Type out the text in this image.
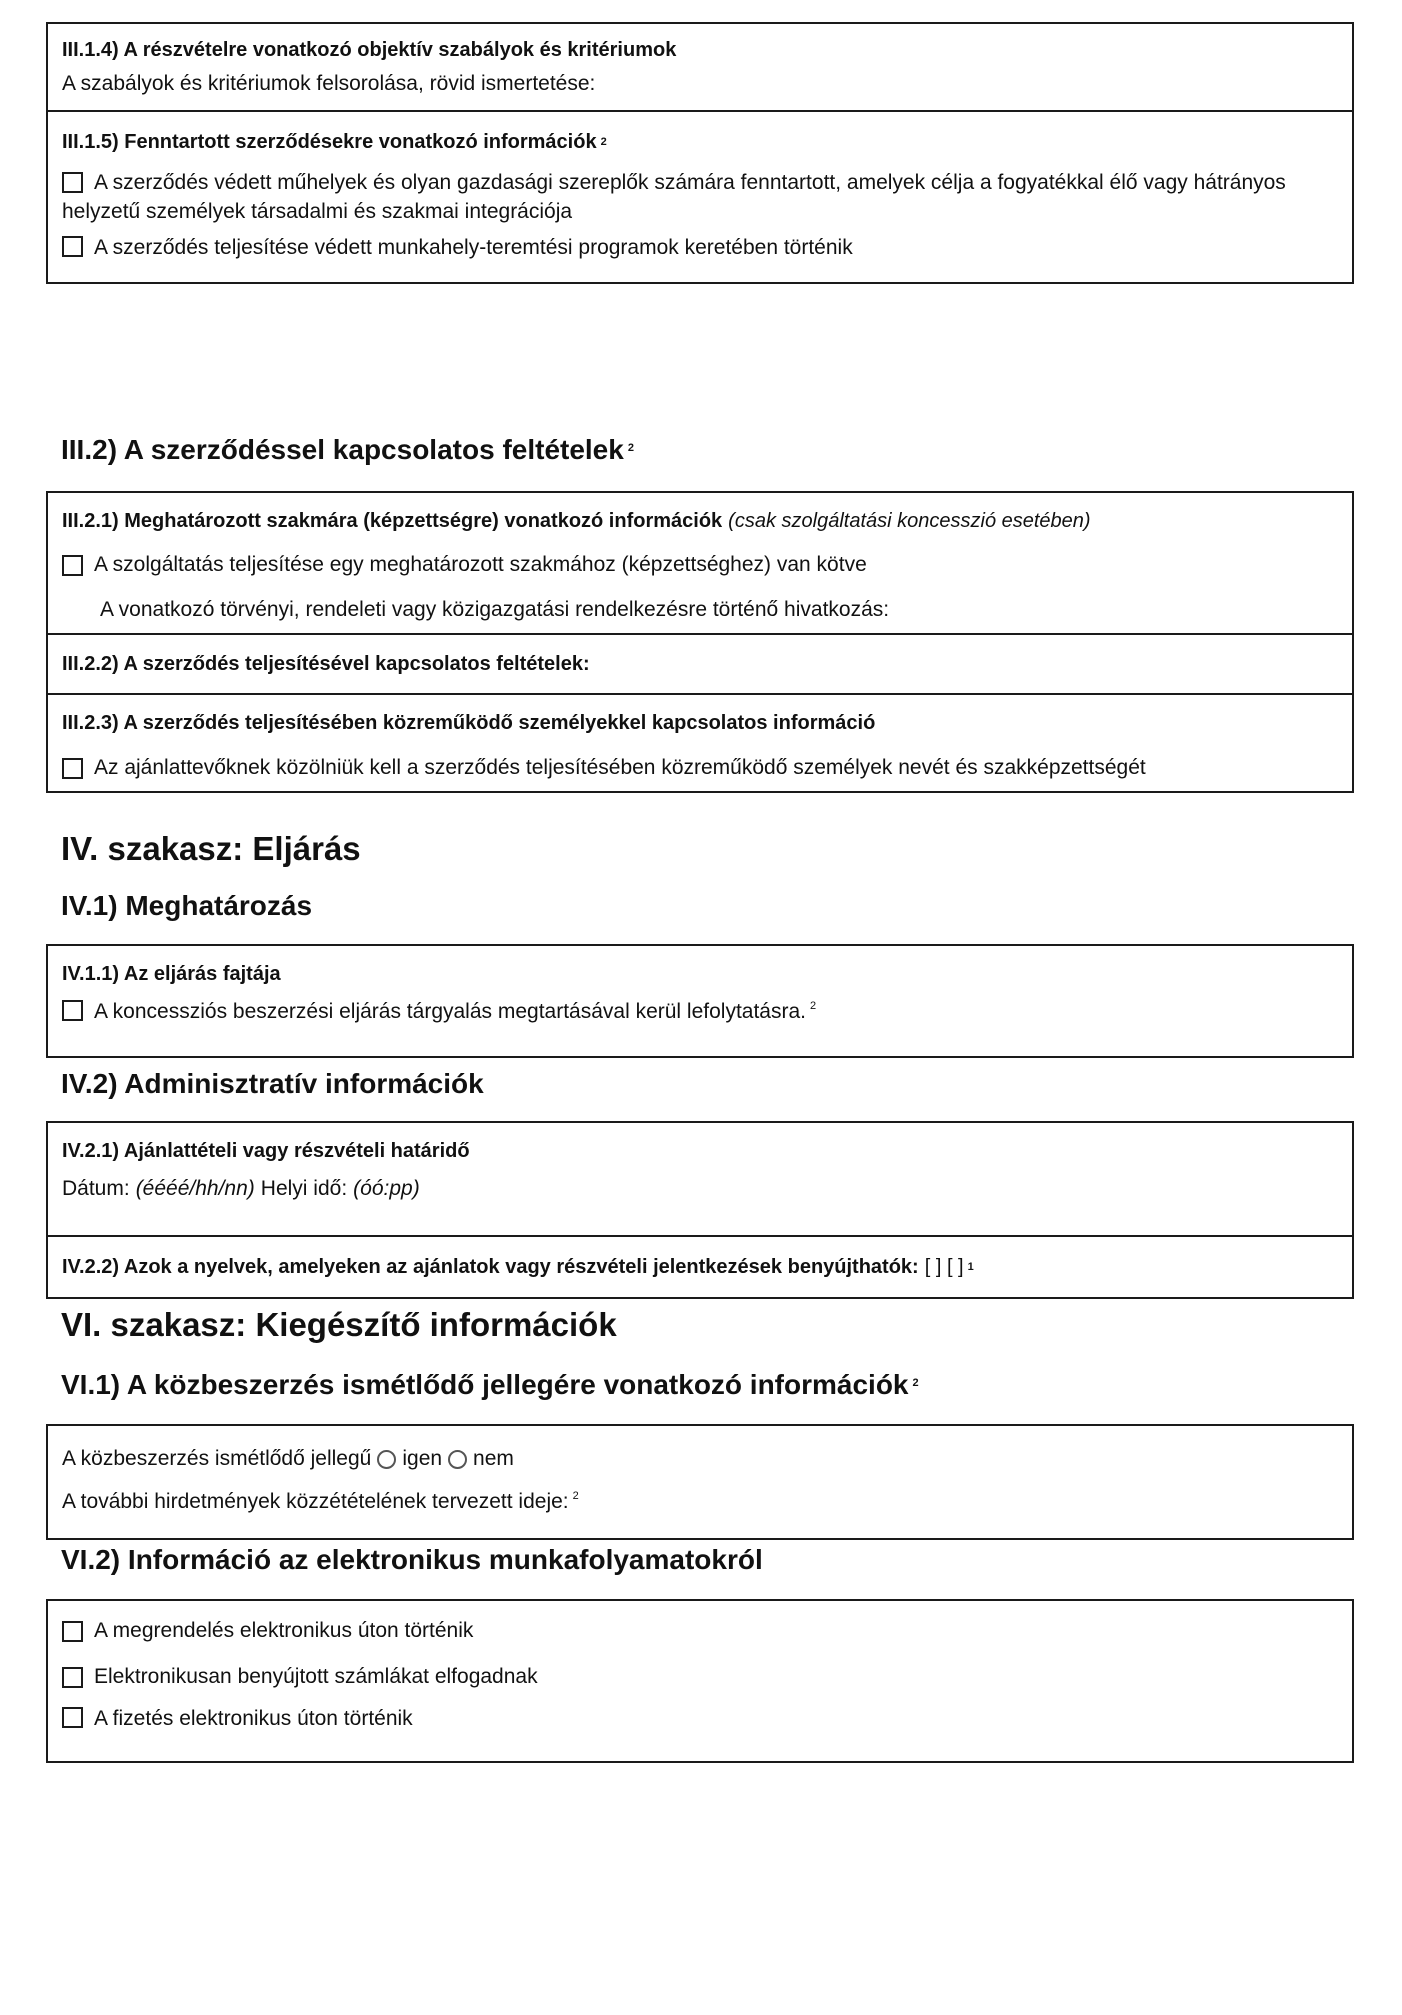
III.1.4) A részvételre vonatkozó objektív szabályok és kritériumok
A szabályok és kritériumok felsorolása, rövid ismertetése:
III.1.5) Fenntartott szerződésekre vonatkozó információk 2
A szerződés védett műhelyek és olyan gazdasági szereplők számára fenntartott, amelyek célja a fogyatékkal élő vagy hátrányos helyzetű személyek társadalmi és szakmai integrációja
A szerződés teljesítése védett munkahely-teremtési programok keretében történik
III.2) A szerződéssel kapcsolatos feltételek $^2$
III.2.1) Meghatározott szakmára (képzettségre) vonatkozó információk (csak szolgáltatási koncesszió esetében)
A szolgáltatás teljesítése egy meghatározott szakmához (képzettséghez) van kötve
A vonatkozó törvényi, rendeleti vagy közigazgatási rendelkezésre történő hivatkozás:
III.2.2) A szerződés teljesítésével kapcsolatos feltételek:
III.2.3) A szerződés teljesítésében közreműködő személyekkel kapcsolatos információ
Az ajánlattevőknek közölniük kell a szerződés teljesítésében közreműködő személyek nevét és szakképzettségét
IV. szakasz: Eljárás
IV.1) Meghatározás
IV.1.1) Az eljárás fajtája
A koncessziós beszerzési eljárás tárgyalás megtartásával kerül lefolytatásra. $^2$
IV.2) Adminisztratív információk
IV.2.1) Ajánlattételi vagy részvételi határidő
Dátum: (éééé/hh/nn) Helyi idő: (óó:pp)
IV.2.2) Azok a nyelvek, amelyeken az ajánlatok vagy részvételi jelentkezések benyújthatók: [ ] [ ] 1
VI. szakasz: Kiegészítő információk
VI.1) A közbeszerzés ismétlődő jellegére vonatkozó információk $^2$
A közbeszerzés ismétlődő jellegű igen nem
A további hirdetmények közzétételének tervezett ideje: $^2$
VI.2) Információ az elektronikus munkafolyamatokról
A megrendelés elektronikus úton történik
Elektronikusan benyújtott számlákat elfogadnak
A fizetés elektronikus úton történik
